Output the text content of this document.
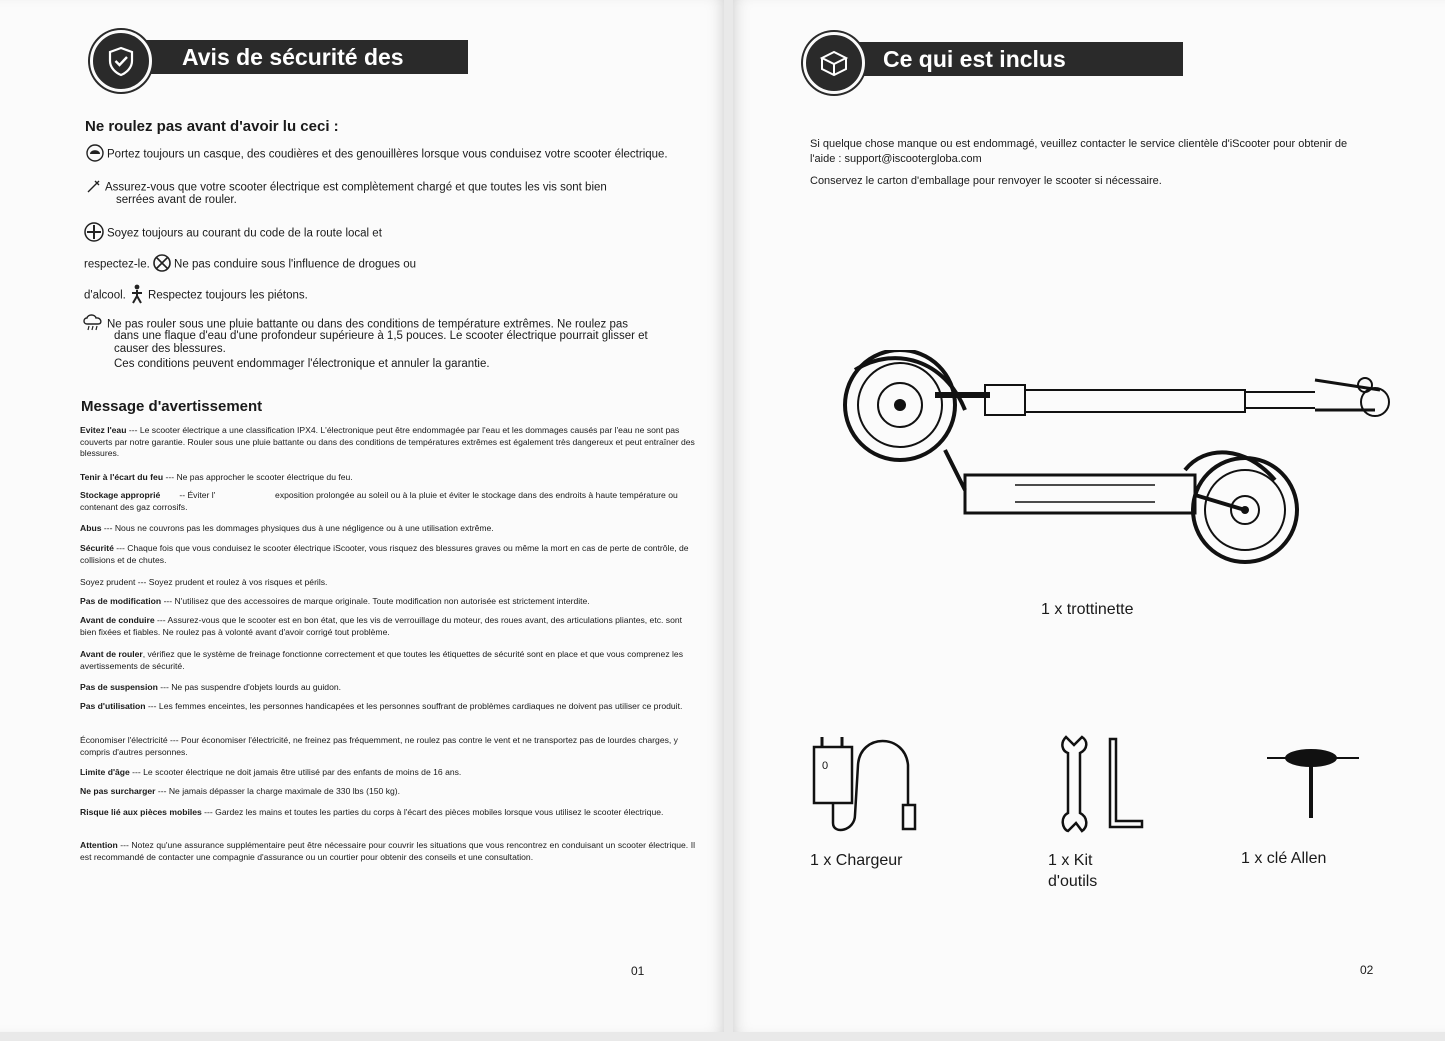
Avis de sécurité des
Ne roulez pas avant d'avoir lu ceci :
Portez toujours un casque, des coudières et des genouillères lorsque vous conduisez votre scooter électrique.
Assurez-vous que votre scooter électrique est complètement chargé et que toutes les vis sont bien
serrées avant de rouler.
Soyez toujours au courant du code de la route local et
respectez-le. Ne pas conduire sous l'influence de drogues ou
d'alcool. Respectez toujours les piétons.
Ne pas rouler sous une pluie battante ou dans des conditions de température extrêmes. Ne roulez pas
dans une flaque d'eau d'une profondeur supérieure à 1,5 pouces. Le scooter électrique pourrait glisser et
causer des blessures.
Ces conditions peuvent endommager l'électronique et annuler la garantie.
Message d'avertissement
Evitez l'eau --- Le scooter électrique a une classification IPX4. L'électronique peut être endommagée par l'eau et les dommages causés par l'eau ne sont pas couverts par notre garantie. Rouler sous une pluie battante ou dans des conditions de températures extrêmes est également très dangereux et peut entraîner des blessures.
Tenir à l'écart du feu --- Ne pas approcher le scooter électrique du feu.
Stockage approprié        -- Éviter l'                         exposition prolongée au soleil ou à la pluie et éviter le stockage dans des endroits à haute température ou contenant des gaz corrosifs.
Abus --- Nous ne couvrons pas les dommages physiques dus à une négligence ou à une utilisation extrême.
Sécurité --- Chaque fois que vous conduisez le scooter électrique iScooter, vous risquez des blessures graves ou même la mort en cas de perte de contrôle, de collisions et de chutes.
Soyez prudent --- Soyez prudent et roulez à vos risques et périls.
Pas de modification --- N'utilisez que des accessoires de marque originale. Toute modification non autorisée est strictement interdite.
Avant de conduire --- Assurez-vous que le scooter est en bon état, que les vis de verrouillage du moteur, des roues avant, des articulations pliantes, etc. sont bien fixées et fiables. Ne roulez pas à volonté avant d'avoir corrigé tout problème.
Avant de rouler, vérifiez que le système de freinage fonctionne correctement et que toutes les étiquettes de sécurité sont en place et que vous comprenez les avertissements de sécurité.
Pas de suspension --- Ne pas suspendre d'objets lourds au guidon.
Pas d'utilisation --- Les femmes enceintes, les personnes handicapées et les personnes souffrant de problèmes cardiaques ne doivent pas utiliser ce produit.
Économiser l'électricité --- Pour économiser l'électricité, ne freinez pas fréquemment, ne roulez pas contre le vent et ne transportez pas de lourdes charges, y compris d'autres personnes.
Limite d'âge --- Le scooter électrique ne doit jamais être utilisé par des enfants de moins de 16 ans.
Ne pas surcharger --- Ne jamais dépasser la charge maximale de 330 lbs (150 kg).
Risque lié aux pièces mobiles --- Gardez les mains et toutes les parties du corps à l'écart des pièces mobiles lorsque vous utilisez le scooter électrique.
Attention --- Notez qu'une assurance supplémentaire peut être nécessaire pour couvrir les situations que vous rencontrez en conduisant un scooter électrique. Il est recommandé de contacter une compagnie d'assurance ou un courtier pour obtenir des conseils et une consultation.
01
Ce qui est inclus
Si quelque chose manque ou est endommagé, veuillez contacter le service clientèle d'iScooter pour obtenir de l'aide : support@iscootergloba.com
Conservez le carton d'emballage pour renvoyer le scooter si nécessaire.
1 x trottinette
0
1 x Chargeur	1 x Kit
d'outils
1 x clé Allen
02
